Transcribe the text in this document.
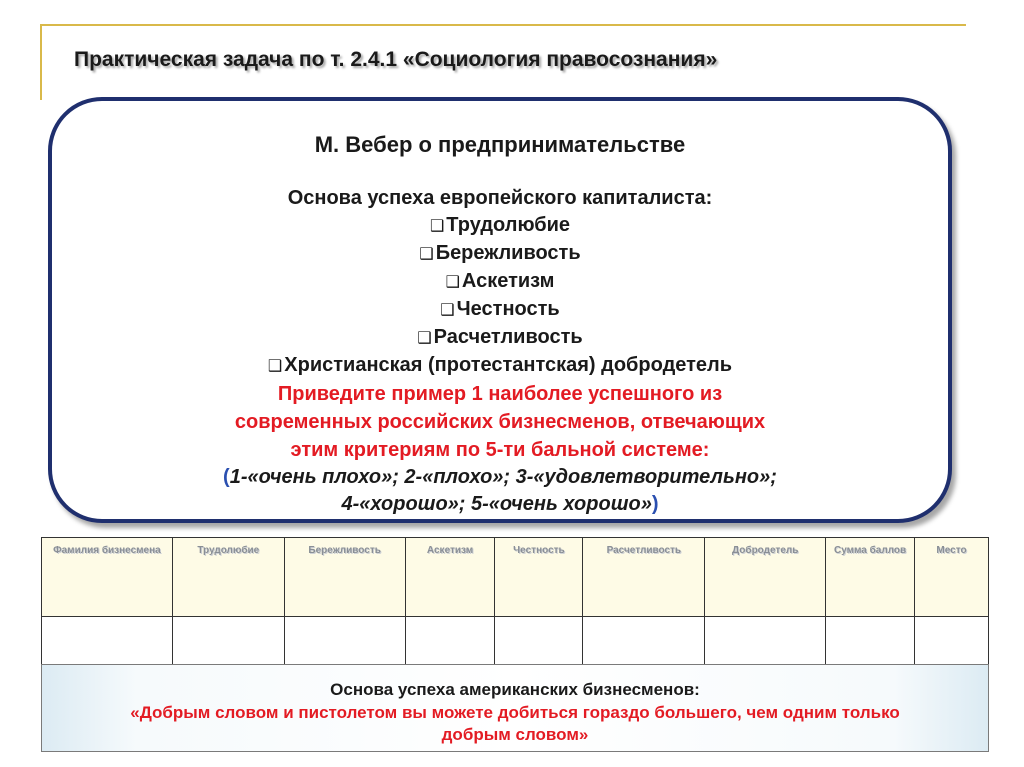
Практическая задача по т. 2.4.1 «Социология правосознания»
М. Вебер о предпринимательстве
Основа успеха европейского капиталиста:
❑ Трудолюбие
❑ Бережливость
❑ Аскетизм
❑ Честность
❑ Расчетливость
❑ Христианская (протестантская) добродетель
Приведите пример 1 наиболее успешного из
современных российских бизнесменов, отвечающих
этим критериям по 5-ти бальной системе:
(1-«очень плохо»; 2-«плохо»; 3-«удовлетворительно»;
4-«хорошо»; 5-«очень хорошо»)
Фамилия бизнесмена	Трудолюбие	Бережливость	Аскетизм	Честность	Расчетливость	Добродетель	Сумма баллов	Место

Основа успеха американских бизнесменов:
«Добрым словом и пистолетом вы можете добиться гораздо большего, чем одним только добрым словом»
